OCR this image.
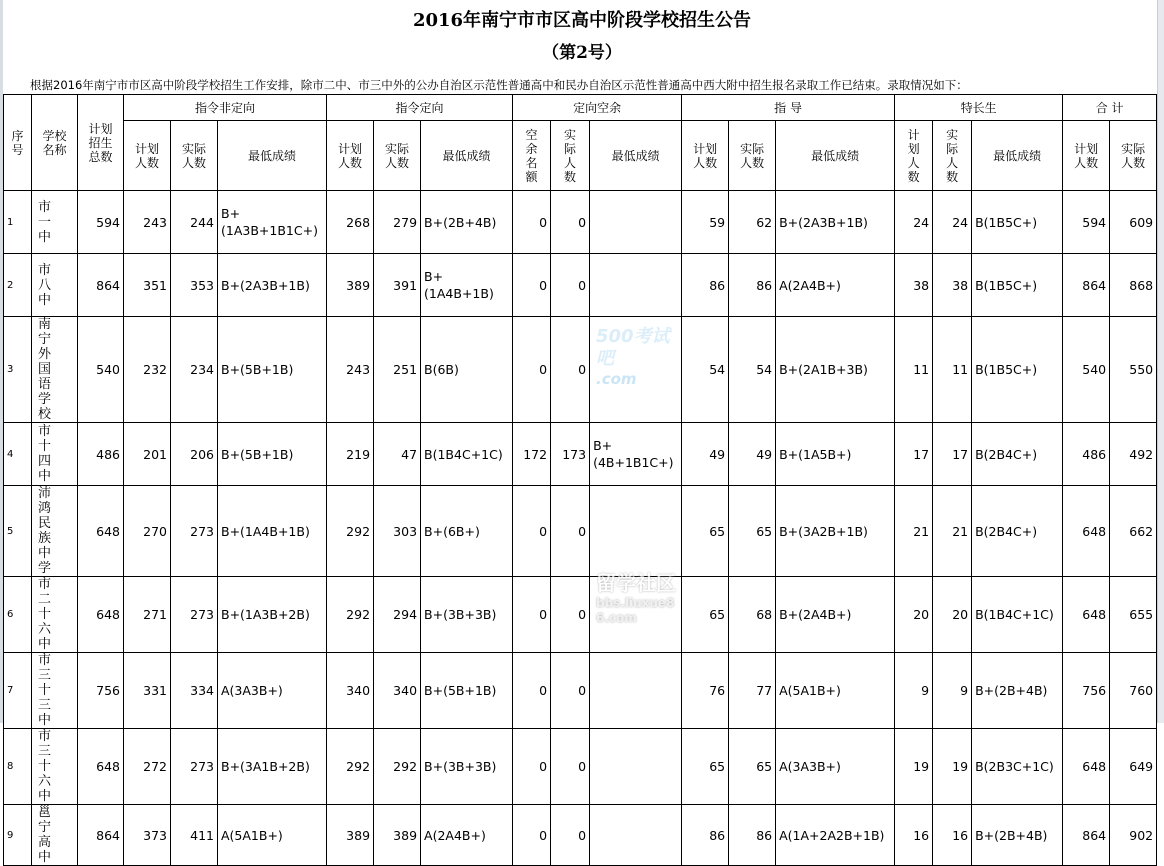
2016年南宁市市区高中阶段学校招生公告
（第2号）
根据2016年南宁市市区高中阶段学校招生工作安排，除市二中、市三中外的公办自治区示范性普通高中和民办自治区示范性普通高中西大附中招生报名录取工作已结束。录取情况如下：
序号	学校名称	计划招生总数	指令非定向			指令定向			定向空余			指 导			特长生			合 计	
			计划人数	实际人数	最低成绩	计划人数	实际人数	最低成绩	空余名额	实际人数	最低成绩	计划人数	实际人数	最低成绩	计划人数	实际人数	最低成绩	计划人数	实际人数
1	市一中	594	243	244	B+(1A3B+1B1C+)	268	279	B+(2B+4B)	0	0		59	62	B+(2A3B+1B)	24	24	B(1B5C+)	594	609
2	市八中	864	351	353	B+(2A3B+1B)	389	391	B+(1A4B+1B)	0	0		86	86	A(2A4B+)	38	38	B(1B5C+)	864	868
3	南宁外国语学校	540	232	234	B+(5B+1B)	243	251	B(6B)	0	0		54	54	B+(2A1B+3B)	11	11	B(1B5C+)	540	550
4	市十四中	486	201	206	B+(5B+1B)	219	47	B(1B4C+1C)	172	173	B+(4B+1B1C+)	49	49	B+(1A5B+)	17	17	B(2B4C+)	486	492
5	沛鸿民族中学	648	270	273	B+(1A4B+1B)	292	303	B+(6B+)	0	0		65	65	B+(3A2B+1B)	21	21	B(2B4C+)	648	662
6	市二十六中	648	271	273	B+(1A3B+2B)	292	294	B+(3B+3B)	0	0		65	68	B+(2A4B+)	20	20	B(1B4C+1C)	648	655
7	市三十三中	756	331	334	A(3A3B+)	340	340	B+(5B+1B)	0	0		76	77	A(5A1B+)	9	9	B+(2B+4B)	756	760
8	市三十六中	648	272	273	B+(3A1B+2B)	292	292	B+(3B+3B)	0	0		65	65	A(3A3B+)	19	19	B(2B3C+1C)	648	649
9	邕宁高中	864	373	411	A(5A1B+)	389	389	A(2A4B+)	0	0		86	86	A(1A+2A2B+1B)	16	16	B+(2B+4B)	864	902
500考试吧
.com
留学社区
bbs.liuxue86.com
